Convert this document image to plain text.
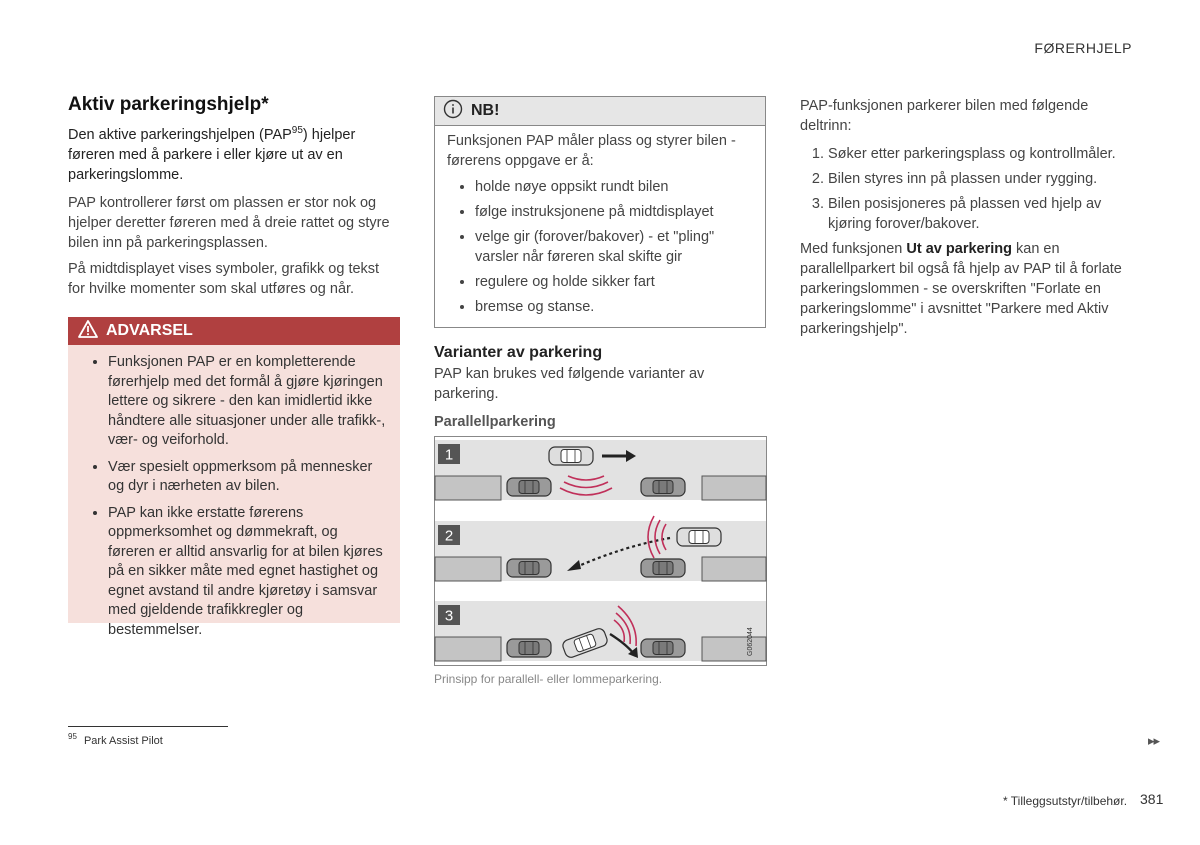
FØRERHJELP
Aktiv parkeringshjelp*
Den aktive parkeringshjelpen (PAP$^{95}$) hjelper føreren med å parkere i eller kjøre ut av en parkeringslomme.
PAP kontrollerer først om plassen er stor nok og hjelper deretter føreren med å dreie rattet og styre bilen inn på parkeringsplassen.
På midtdisplayet vises symboler, grafikk og tekst for hvilke momenter som skal utføres og når.
ADVARSEL
• Funksjonen PAP er en kompletterende førerhjelp med det formål å gjøre kjøringen lettere og sikrere - den kan imidlertid ikke håndtere alle situasjoner under alle trafikk-, vær- og veiforhold.
• Vær spesielt oppmerksom på mennesker og dyr i nærheten av bilen.
• PAP kan ikke erstatte førerens oppmerksomhet og dømmekraft, og føreren er alltid ansvarlig for at bilen kjøres på en sikker måte med egnet hastighet og egnet avstand til andre kjøretøy i samsvar med gjeldende trafikkregler og bestemmelser.
$^{95}$ Park Assist Pilot
NB!
Funksjonen PAP måler plass og styrer bilen - førerens oppgave er å:
• holde nøye oppsikt rundt bilen
• følge instruksjonene på midtdisplayet
• velge gir (forover/bakover) - et "pling" varsler når føreren skal skifte gir
• regulere og holde sikker fart
• bremse og stanse.
Varianter av parkering
PAP kan brukes ved følgende varianter av parkering.
Parallellparkering
1
2
3
G062044
Prinsipp for parallell- eller lommeparkering.
PAP-funksjonen parkerer bilen med følgende deltrinn:
1. Søker etter parkeringsplass og kontrollmåler.
2. Bilen styres inn på plassen under rygging.
3. Bilen posisjoneres på plassen ved hjelp av kjøring forover/bakover.
Med funksjonen Ut av parkering kan en parallellparkert bil også få hjelp av PAP til å forlate parkeringslommen - se overskriften "Forlate en parkeringslomme" i avsnittet "Parkere med Aktiv parkeringshjelp".
▸▸
* Tilleggsutstyr/tilbehør. 381
